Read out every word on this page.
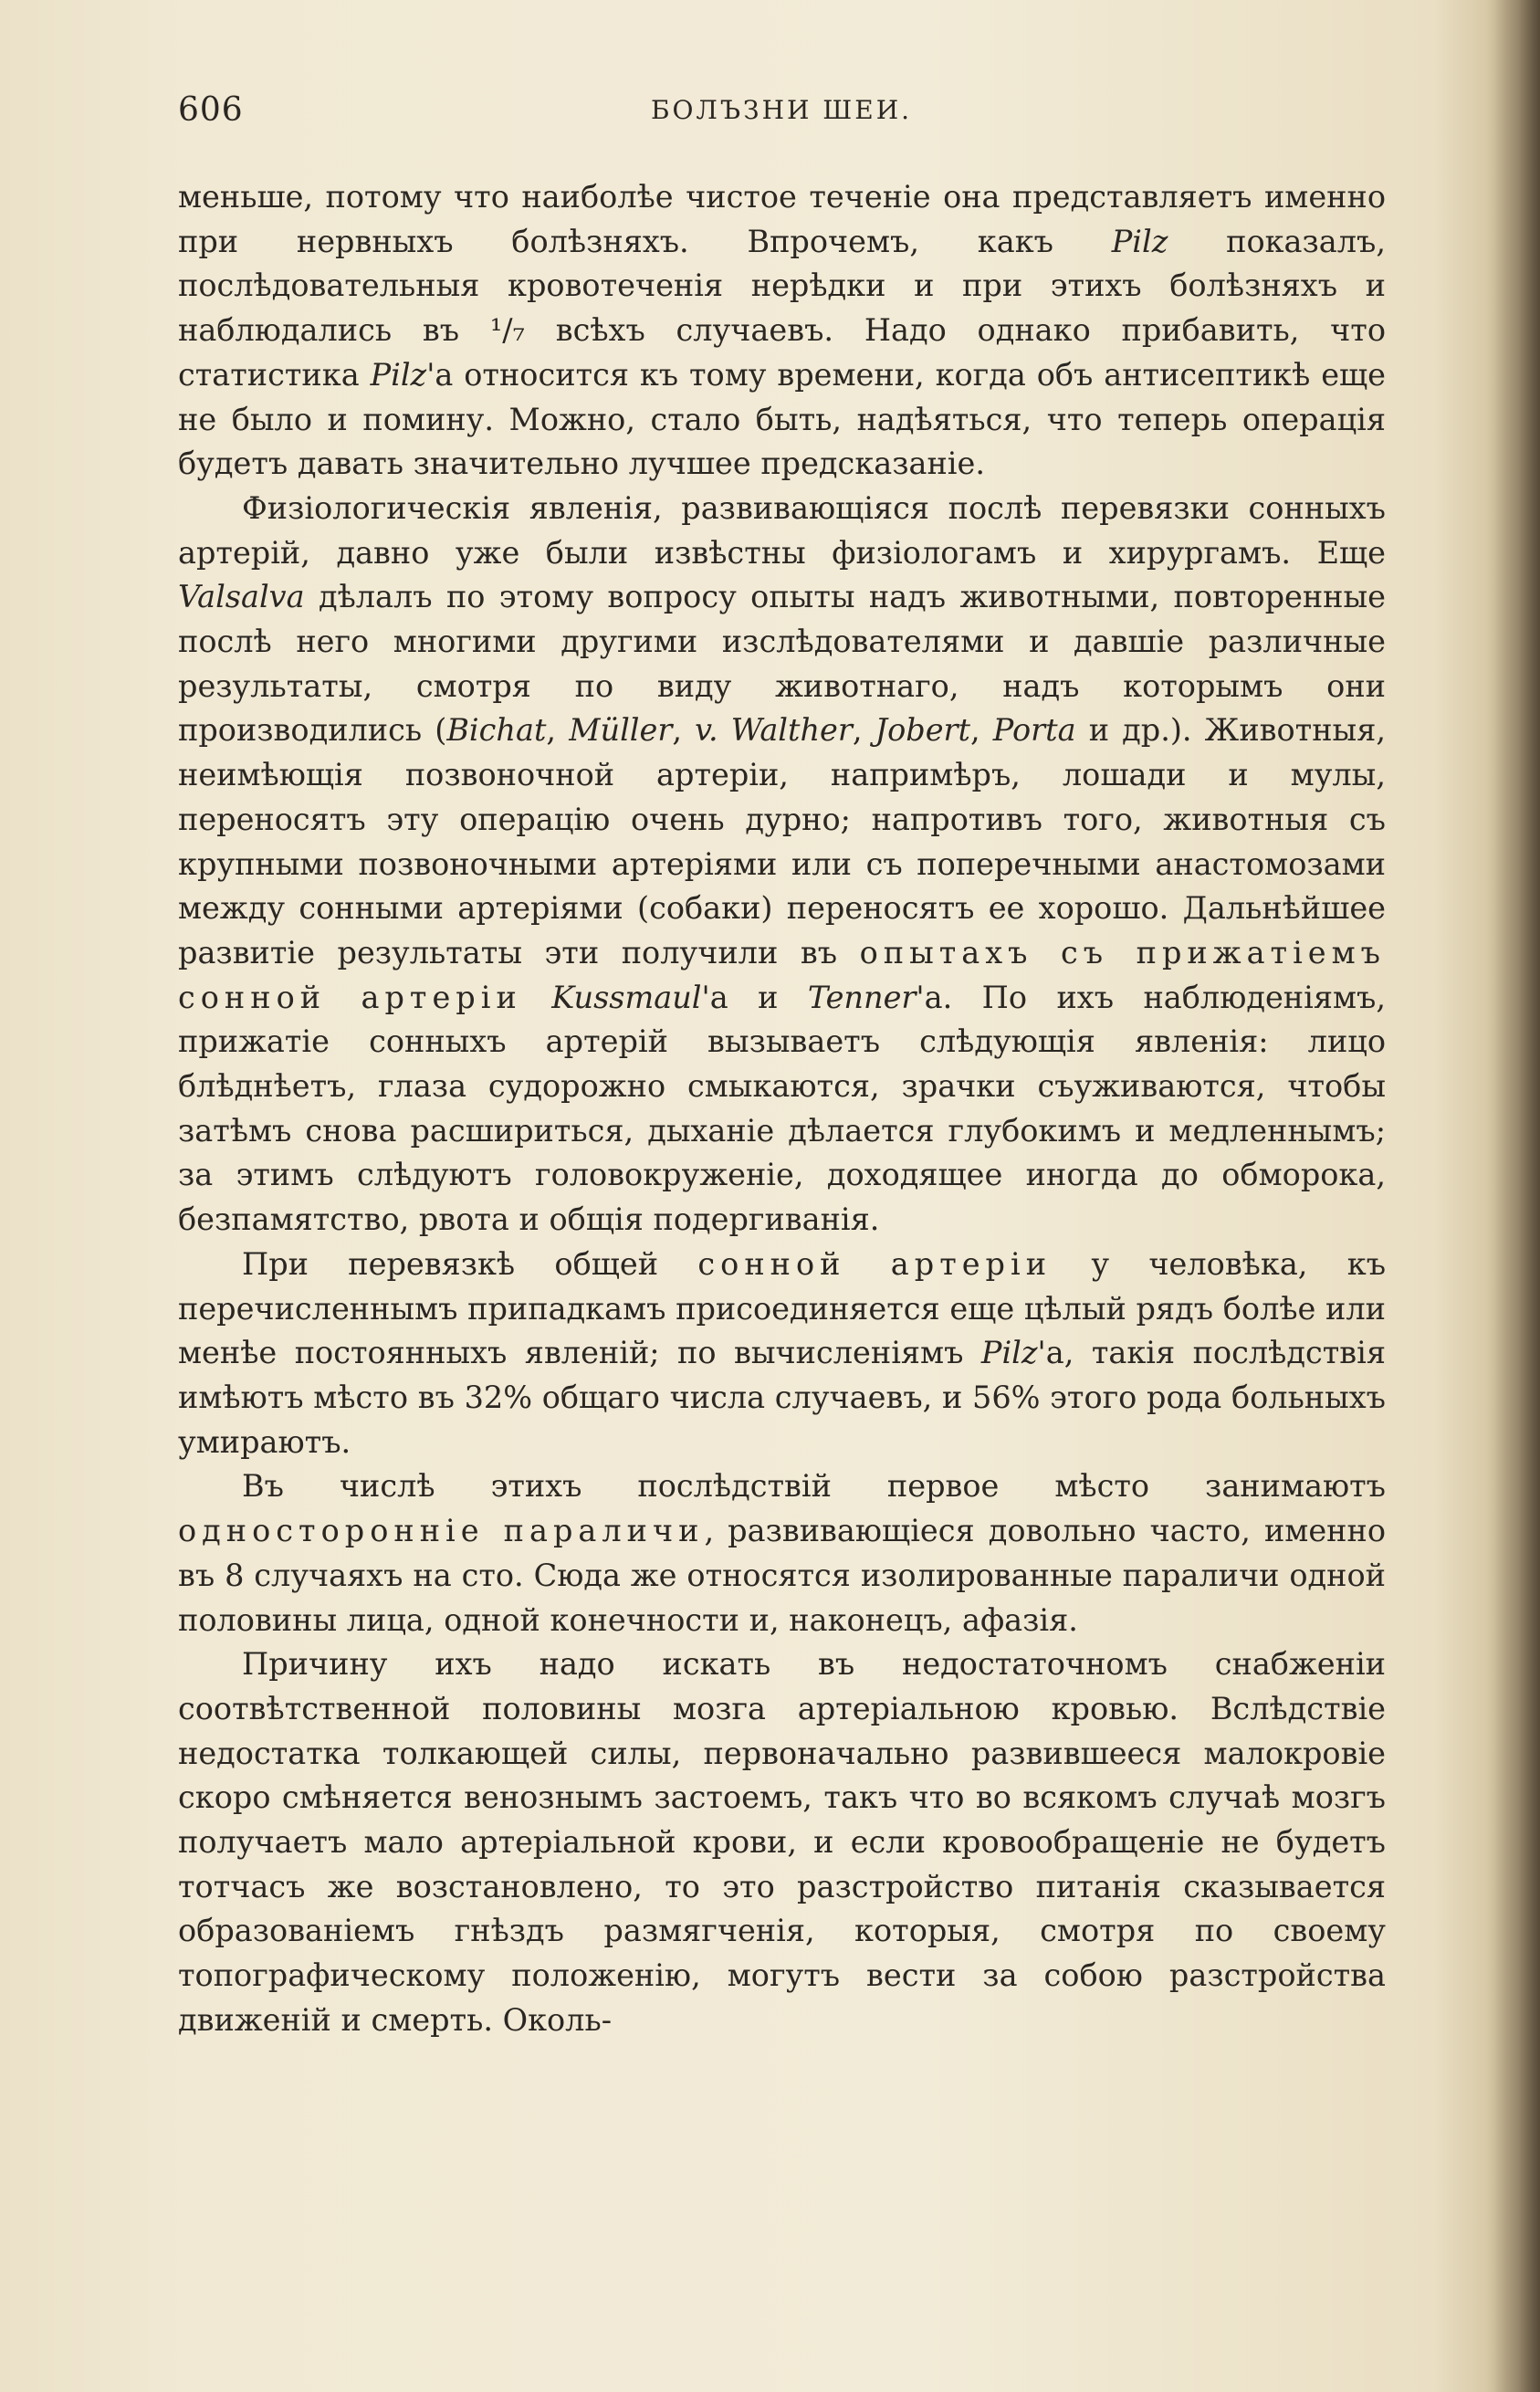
606	БОЛЪЗНИ ШЕИ.

меньше, потому что наиболѣе чистое теченіе она представляетъ именно при нервныхъ болѣзняхъ. Впрочемъ, какъ Pilz показалъ, послѣдовательныя кровотеченія нерѣдки и при этихъ болѣзняхъ и наблюдались въ ¹/₇ всѣхъ случаевъ. Надо однако прибавить, что статистика Pilz'а относится къ тому времени, когда объ антисептикѣ еще не было и помину. Можно, стало быть, надѣяться, что теперь операція будетъ давать значительно лучшее предсказаніе.

Физіологическія явленія, развивающіяся послѣ перевязки сонныхъ артерій, давно уже были извѣстны физіологамъ и хирургамъ. Еще Valsalva дѣлалъ по этому вопросу опыты надъ животными, повторенные послѣ него многими другими изслѣдователями и давшіе различные результаты, смотря по виду животнаго, надъ которымъ они производились (Bichat, Müller, v. Walther, Jobert, Porta и др.). Животныя, неимѣющія позвоночной артеріи, напримѣръ, лошади и мулы, переносятъ эту операцію очень дурно; напротивъ того, животныя съ крупными позвоночными артеріями или съ поперечными анастомозами между сонными артеріями (собаки) переносятъ ее хорошо. Дальнѣйшее развитіе результаты эти получили въ опытахъ съ прижатіемъ сонной артеріи Kussmaul'а и Tenner'а. По ихъ наблюденіямъ, прижатіе сонныхъ артерій вызываетъ слѣдующія явленія: лицо блѣднѣетъ, глаза судорожно смыкаются, зрачки съуживаются, чтобы затѣмъ снова расшириться, дыханіе дѣлается глубокимъ и медленнымъ; за этимъ слѣдуютъ головокруженіе, доходящее иногда до обморока, безпамятство, рвота и общія подергиванія.

При перевязкѣ общей сонной артеріи у человѣка, къ перечисленнымъ припадкамъ присоединяется еще цѣлый рядъ болѣе или менѣе постоянныхъ явленій; по вычисленіямъ Pilz'а, такія послѣдствія имѣютъ мѣсто въ 32% общаго числа случаевъ, и 56% этого рода больныхъ умираютъ.

Въ числѣ этихъ послѣдствій первое мѣсто занимаютъ односторонніе параличи, развивающіеся довольно часто, именно въ 8 случаяхъ на сто. Сюда же относятся изолированные параличи одной половины лица, одной конечности и, наконецъ, афазія.

Причину ихъ надо искать въ недостаточномъ снабженіи соотвѣтственной половины мозга артеріальною кровью. Вслѣдствіе недостатка толкающей силы, первоначально развившееся малокровіе скоро смѣняется венознымъ застоемъ, такъ что во всякомъ случаѣ мозгъ получаетъ мало артеріальной крови, и если кровообращеніе не будетъ тотчасъ же возстановлено, то это разстройство питанія сказывается образованіемъ гнѣздъ размягченія, которыя, смотря по своему топографическому положенію, могутъ вести за собою разстройства движеній и смерть. Околь-
